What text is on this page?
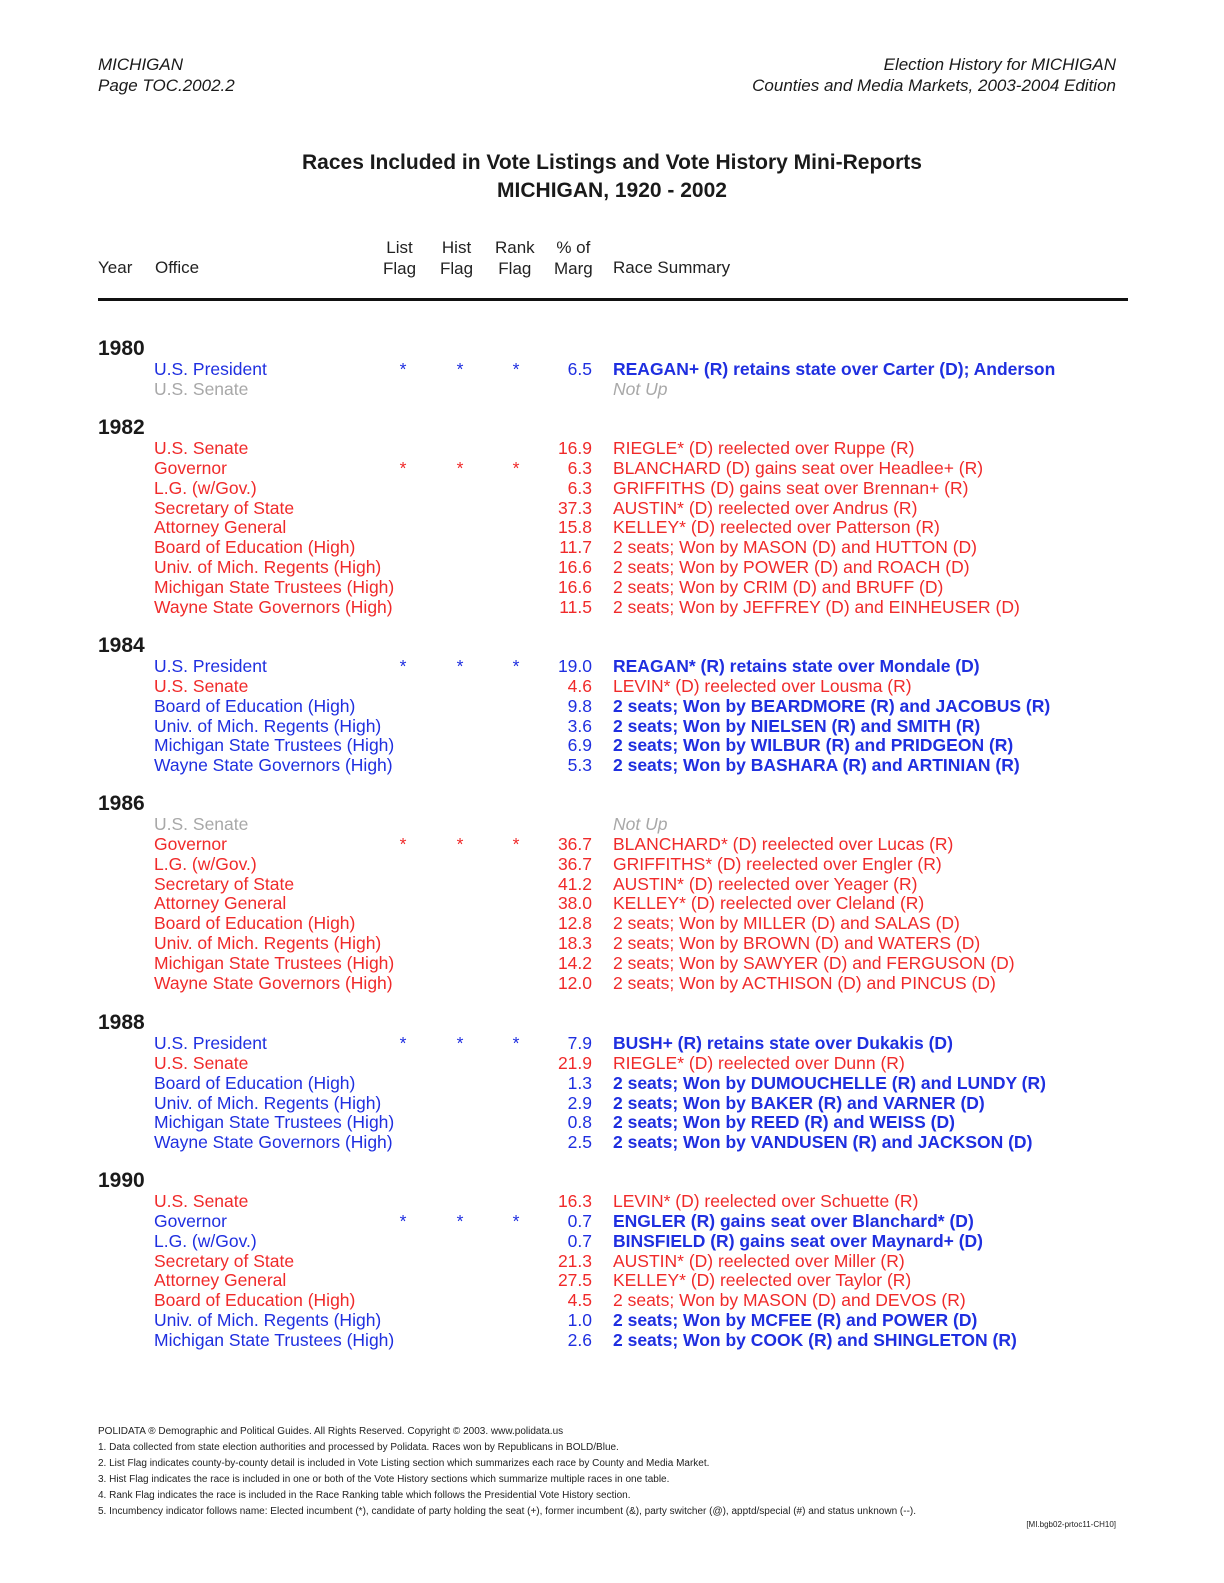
MICHIGAN
Page TOC.2002.2
Election History for MICHIGAN
Counties and Media Markets, 2003-2004 Edition
Races Included in Vote Listings and Vote History Mini-Reports
MICHIGAN, 1920 - 2002
Year Office
List
Flag
Hist
Flag
Rank
Flag
% of
Marg Race Summary
1980
U.S. President	*	*	*	6.5 REAGAN+ (R) retains state over Carter (D); Anderson
U.S. Senate	Not Up
1982
U.S. Senate	16.9 RIEGLE* (D) reelected over Ruppe (R)
Governor	*	*	*	6.3 BLANCHARD (D) gains seat over Headlee+ (R)
L.G. (w/Gov.)	6.3 GRIFFITHS (D) gains seat over Brennan+ (R)
Secretary of State	37.3 AUSTIN* (D) reelected over Andrus (R)
Attorney General	15.8 KELLEY* (D) reelected over Patterson (R)
Board of Education (High)	11.7 2 seats; Won by MASON (D) and HUTTON (D)
Univ. of Mich. Regents (High)	16.6 2 seats; Won by POWER (D) and ROACH (D)
Michigan State Trustees (High)	16.6 2 seats; Won by CRIM (D) and BRUFF (D)
Wayne State Governors (High)	11.5 2 seats; Won by JEFFREY (D) and EINHEUSER (D)
1984
U.S. President	*	*	* 19.0 REAGAN* (R) retains state over Mondale (D)
U.S. Senate	4.6 LEVIN* (D) reelected over Lousma (R)
Board of Education (High)	9.8 2 seats; Won by BEARDMORE (R) and JACOBUS (R)
Univ. of Mich. Regents (High)	3.6 2 seats; Won by NIELSEN (R) and SMITH (R)
Michigan State Trustees (High)	6.9 2 seats; Won by WILBUR (R) and PRIDGEON (R)
Wayne State Governors (High)	5.3 2 seats; Won by BASHARA (R) and ARTINIAN (R)
1986
U.S. Senate	Not Up
Governor	*	*	* 36.7 BLANCHARD* (D) reelected over Lucas (R)
L.G. (w/Gov.)	36.7 GRIFFITHS* (D) reelected over Engler (R)
Secretary of State	41.2 AUSTIN* (D) reelected over Yeager (R)
Attorney General	38.0 KELLEY* (D) reelected over Cleland (R)
Board of Education (High)	12.8 2 seats; Won by MILLER (D) and SALAS (D)
Univ. of Mich. Regents (High)	18.3 2 seats; Won by BROWN (D) and WATERS (D)
Michigan State Trustees (High)	14.2 2 seats; Won by SAWYER (D) and FERGUSON (D)
Wayne State Governors (High)	12.0 2 seats; Won by ACTHISON (D) and PINCUS (D)
1988
U.S. President	*	*	*	7.9 BUSH+ (R) retains state over Dukakis (D)
U.S. Senate	21.9 RIEGLE* (D) reelected over Dunn (R)
Board of Education (High)	1.3 2 seats; Won by DUMOUCHELLE (R) and LUNDY (R)
Univ. of Mich. Regents (High)	2.9 2 seats; Won by BAKER (R) and VARNER (D)
Michigan State Trustees (High)	0.8 2 seats; Won by REED (R) and WEISS (D)
Wayne State Governors (High)	2.5 2 seats; Won by VANDUSEN (R) and JACKSON (D)
1990
U.S. Senate	16.3 LEVIN* (D) reelected over Schuette (R)
Governor	*	*	*	0.7 ENGLER (R) gains seat over Blanchard* (D)
L.G. (w/Gov.)	0.7 BINSFIELD (R) gains seat over Maynard+ (D)
Secretary of State	21.3 AUSTIN* (D) reelected over Miller (R)
Attorney General	27.5 KELLEY* (D) reelected over Taylor (R)
Board of Education (High)	4.5 2 seats; Won by MASON (D) and DEVOS (R)
Univ. of Mich. Regents (High)	1.0 2 seats; Won by MCFEE (R) and POWER (D)
Michigan State Trustees (High)	2.6 2 seats; Won by COOK (R) and SHINGLETON (R)
POLIDATA ® Demographic and Political Guides. All Rights Reserved. Copyright © 2003. www.polidata.us
1. Data collected from state election authorities and processed by Polidata. Races won by Republicans in BOLD/Blue.
2. List Flag indicates county-by-county detail is included in Vote Listing section which summarizes each race by County and Media Market.
3. Hist Flag indicates the race is included in one or both of the Vote History sections which summarize multiple races in one table.
4. Rank Flag indicates the race is included in the Race Ranking table which follows the Presidential Vote History section.
5. Incumbency indicator follows name: Elected incumbent (*), candidate of party holding the seat (+), former incumbent (&), party switcher (@), apptd/special (#) and status unknown (--).
[MI.bgb02-prtoc11-CH10]
